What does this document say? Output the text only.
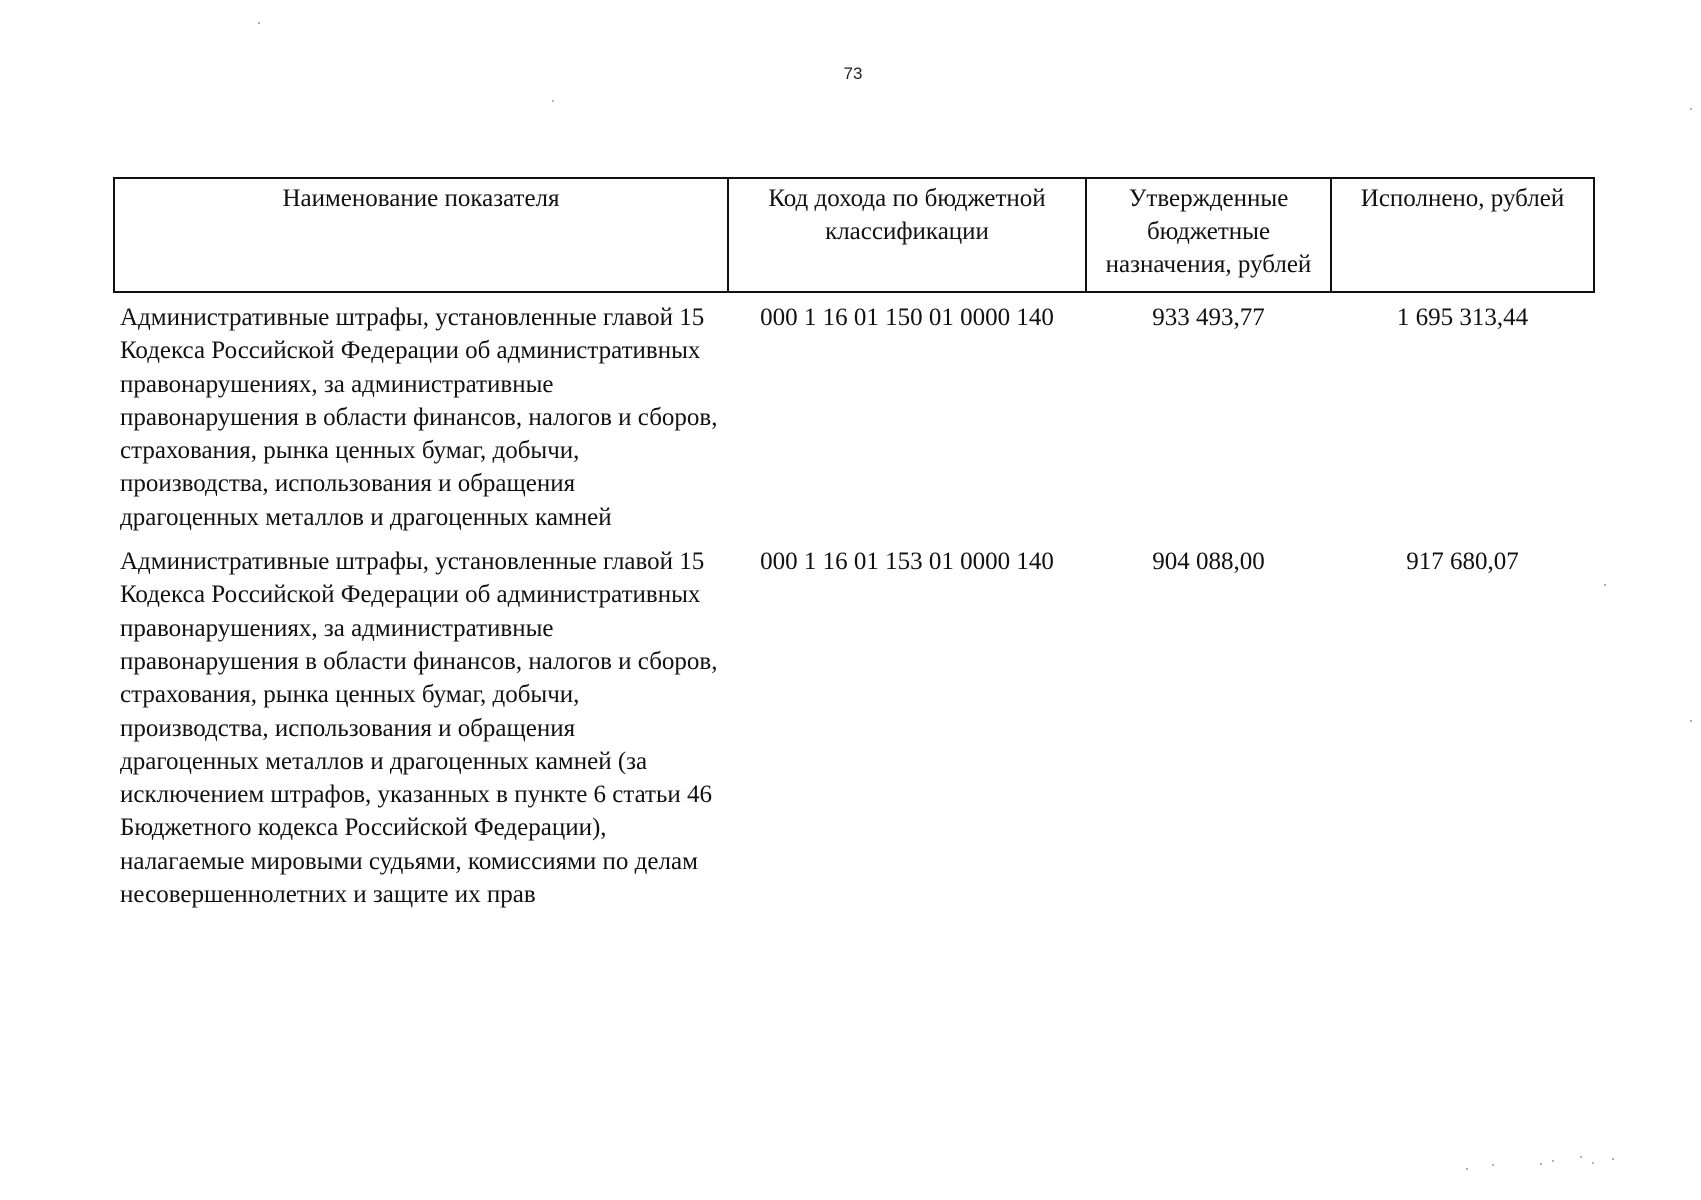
73
Наименование показателя	Код дохода по бюджетной классификации	Утвержденные бюджетные назначения, рублей	Исполнено, рублей
Административные штрафы, установленные главой 15 Кодекса Российской Федерации об административных правонарушениях, за административные правонарушения в области финансов, налогов и сборов, страхования, рынка ценных бумаг, добычи, производства, использования и обращения драгоценных металлов и драгоценных камней	000 1 16 01 150 01 0000 140	933 493,77	1 695 313,44
Административные штрафы, установленные главой 15 Кодекса Российской Федерации об административных правонарушениях, за административные правонарушения в области финансов, налогов и сборов, страхования, рынка ценных бумаг, добычи, производства, использования и обращения драгоценных металлов и драгоценных камней (за исключением штрафов, указанных в пункте 6 статьи 46 Бюджетного кодекса Российской Федерации), налагаемые мировыми судьями, комиссиями по делам несовершеннолетних и защите их прав	000 1 16 01 153 01 0000 140	904 088,00	917 680,07
